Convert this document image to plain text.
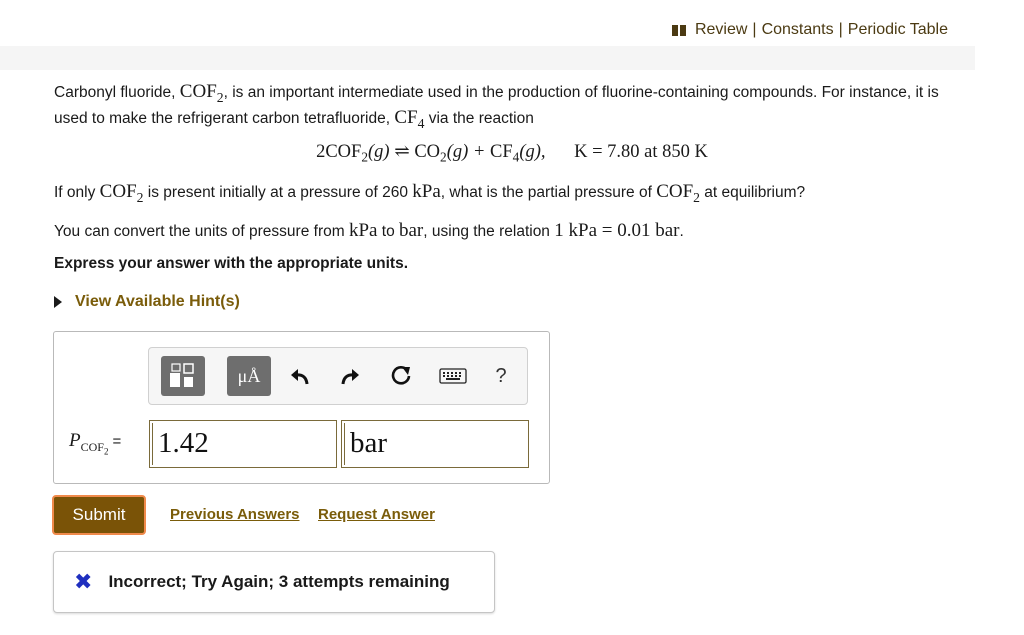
Review | Constants | Periodic Table
Carbonyl fluoride, $COF_2$, is an important intermediate used in the production of fluorine-containing compounds. For instance, it is used to make the refrigerant carbon tetrafluoride, $CF_4$ via the reaction
$2COF_2(g)$ ⇌ $CO_2(g) + CF_4(g)$, K = 7.80 at 850 K
If only $COF_2$ is present initially at a pressure of 260 kPa, what is the partial pressure of $COF_2$ at equilibrium?
You can convert the units of pressure from kPa to bar, using the relation 1 kPa = 0.01 bar.
Express your answer with the appropriate units.
View Available Hint(s)
μÅ	?
$P_{COF_2}= 1.42$	bar
Submit	Previous Answers Request Answer
✖ Incorrect; Try Again; 3 attempts remaining
